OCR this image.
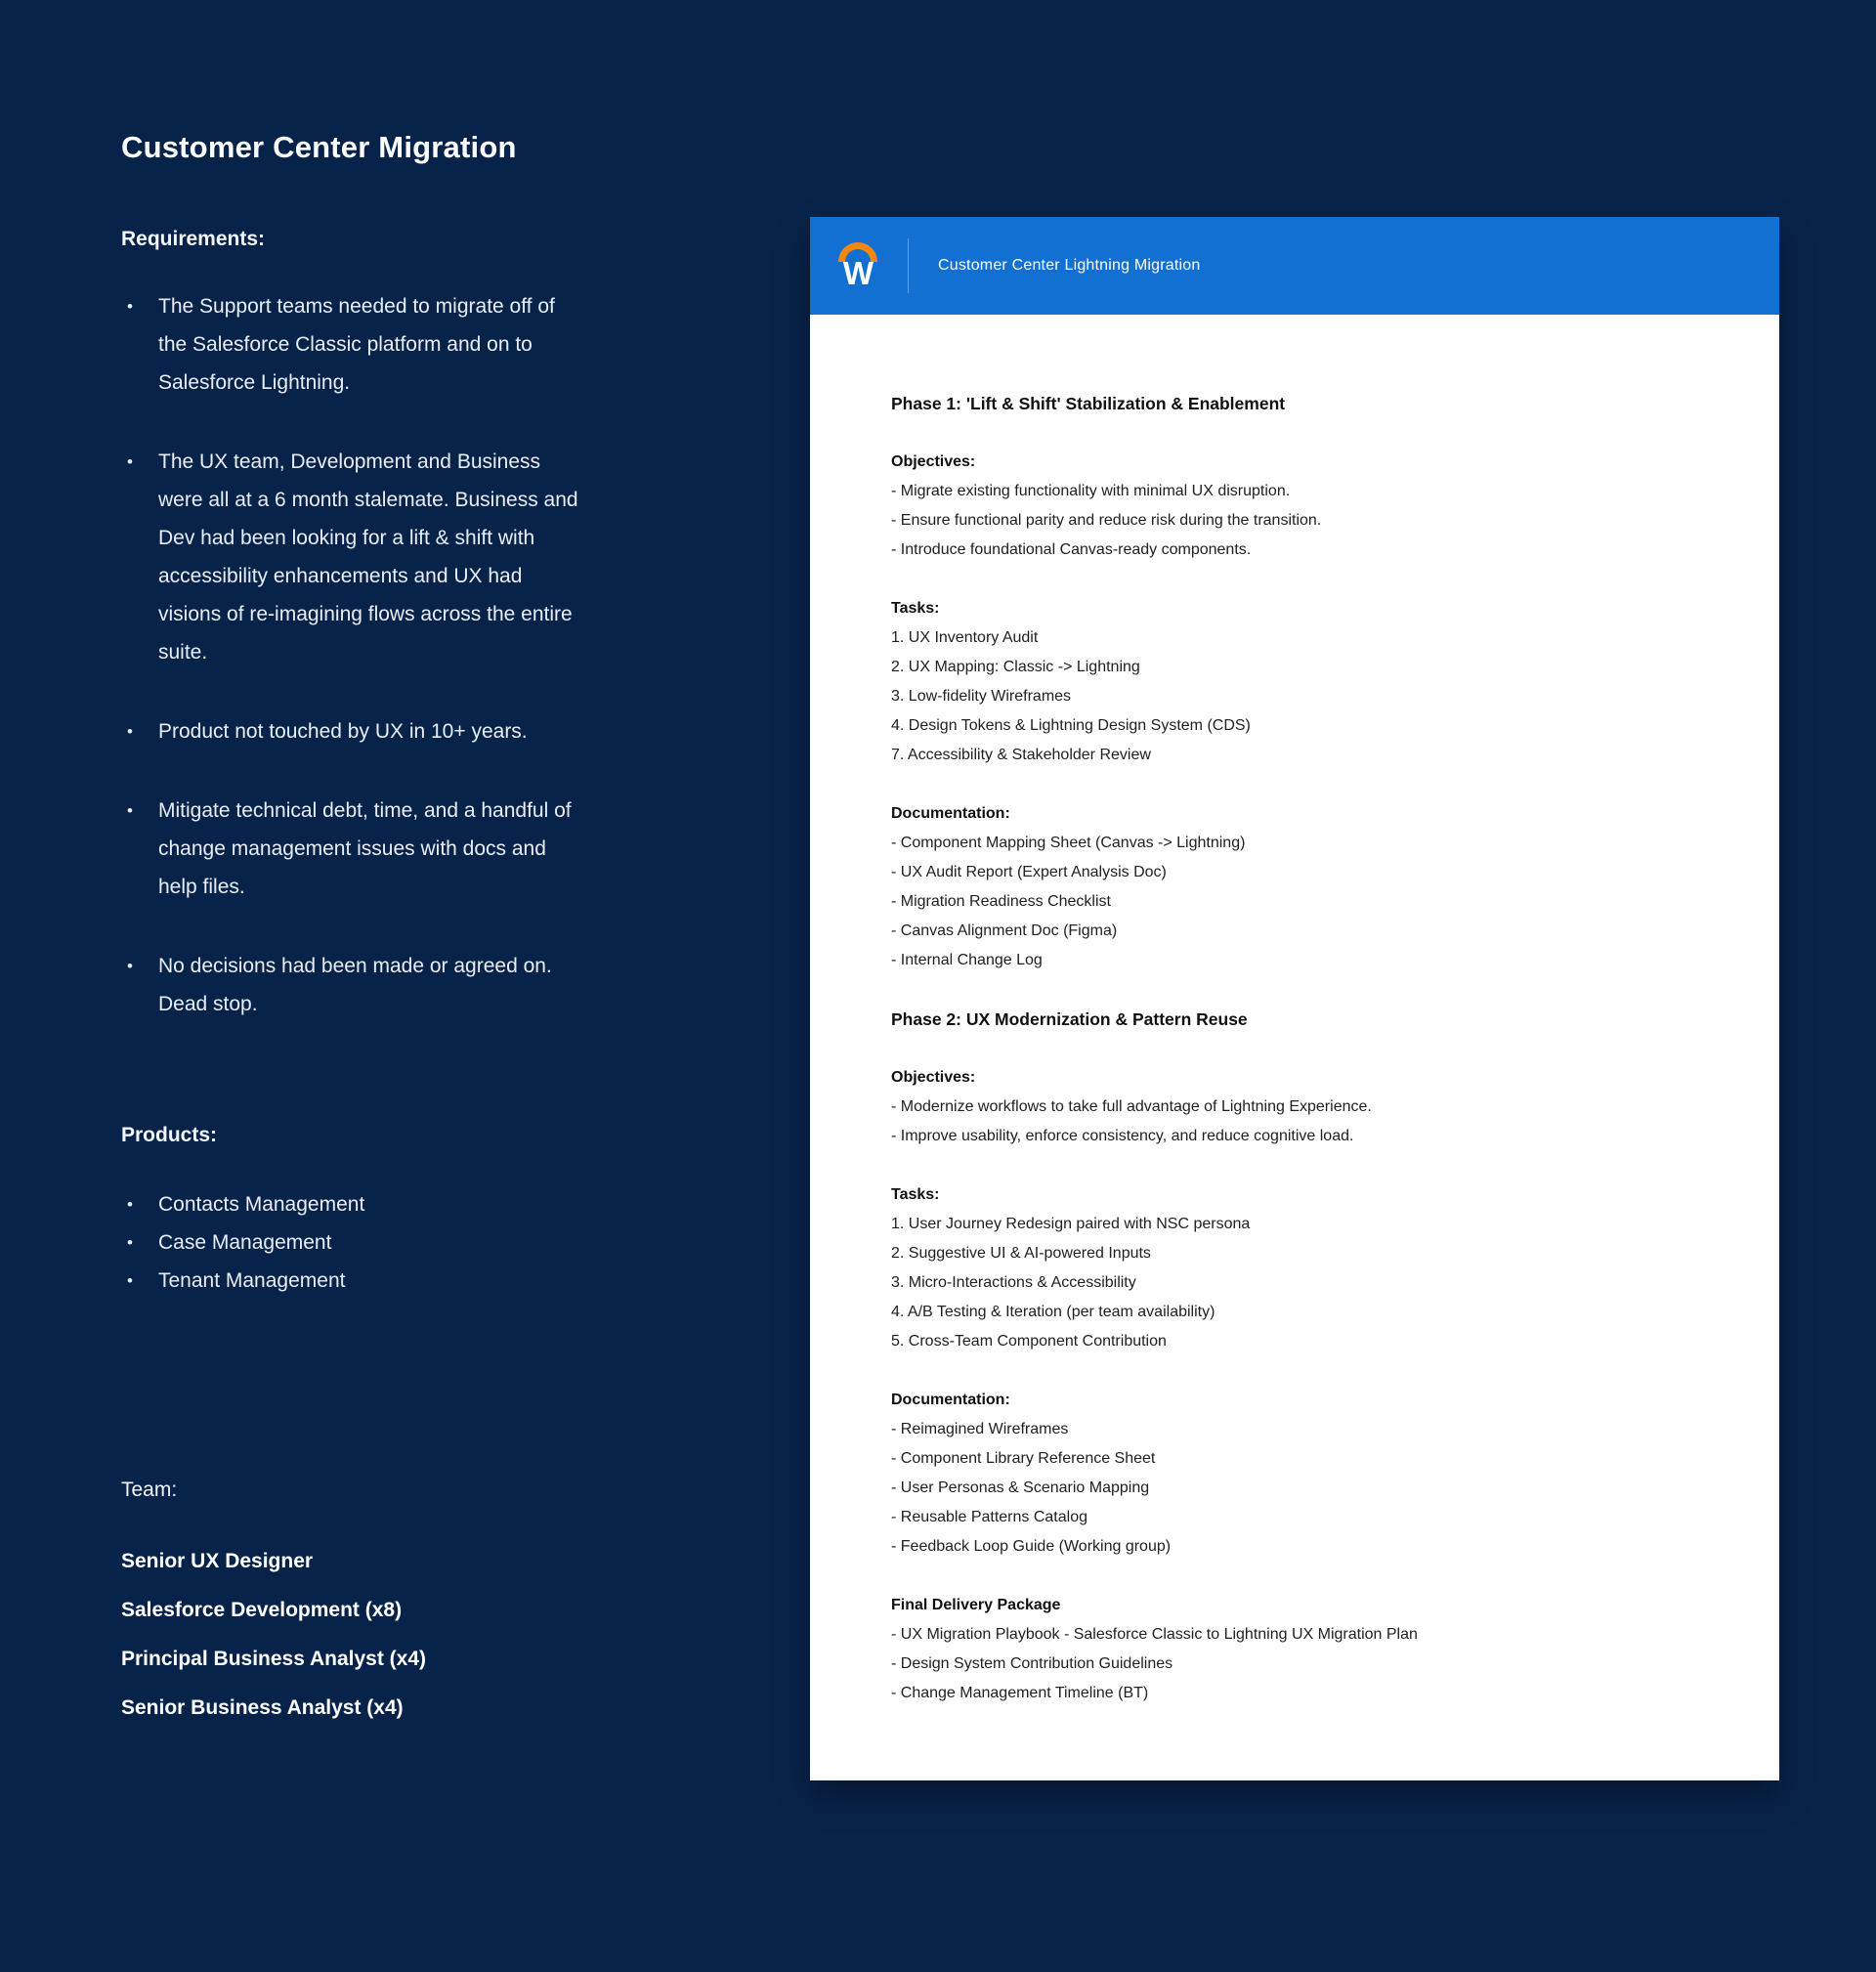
Customer Center Migration
Requirements:
•	The Support teams needed to migrate off of the Salesforce Classic platform and on to Salesforce Lightning.
•	The UX team, Development and Business were all at a 6 month stalemate. Business and Dev had been looking for a lift & shift with accessibility enhancements and UX had visions of re-imagining flows across the entire suite.
•	Product not touched by UX in 10+ years.
•	Mitigate technical debt, time, and a handful of change management issues with docs and help files.
•	No decisions had been made or agreed on. Dead stop.
Products:
•	Contacts Management
•	Case Management
•	Tenant Management
Team:
Senior UX Designer
Salesforce Development (x8)
Principal Business Analyst (x4)
Senior Business Analyst (x4)
W	Customer Center Lightning Migration
Phase 1: 'Lift & Shift' Stabilization & Enablement
Objectives:
- Migrate existing functionality with minimal UX disruption.
- Ensure functional parity and reduce risk during the transition.
- Introduce foundational Canvas-ready components.
Tasks:
1. UX Inventory Audit
2. UX Mapping: Classic -> Lightning
3. Low-fidelity Wireframes
4. Design Tokens & Lightning Design System (CDS)
7. Accessibility & Stakeholder Review
Documentation:
- Component Mapping Sheet (Canvas -> Lightning)
- UX Audit Report (Expert Analysis Doc)
- Migration Readiness Checklist
- Canvas Alignment Doc (Figma)
- Internal Change Log
Phase 2: UX Modernization & Pattern Reuse
Objectives:
- Modernize workflows to take full advantage of Lightning Experience.
- Improve usability, enforce consistency, and reduce cognitive load.
Tasks:
1. User Journey Redesign paired with NSC persona
2. Suggestive UI & AI-powered Inputs
3. Micro-Interactions & Accessibility
4. A/B Testing & Iteration (per team availability)
5. Cross-Team Component Contribution
Documentation:
- Reimagined Wireframes
- Component Library Reference Sheet
- User Personas & Scenario Mapping
- Reusable Patterns Catalog
- Feedback Loop Guide (Working group)
Final Delivery Package
- UX Migration Playbook - Salesforce Classic to Lightning UX Migration Plan
- Design System Contribution Guidelines
- Change Management Timeline (BT)
